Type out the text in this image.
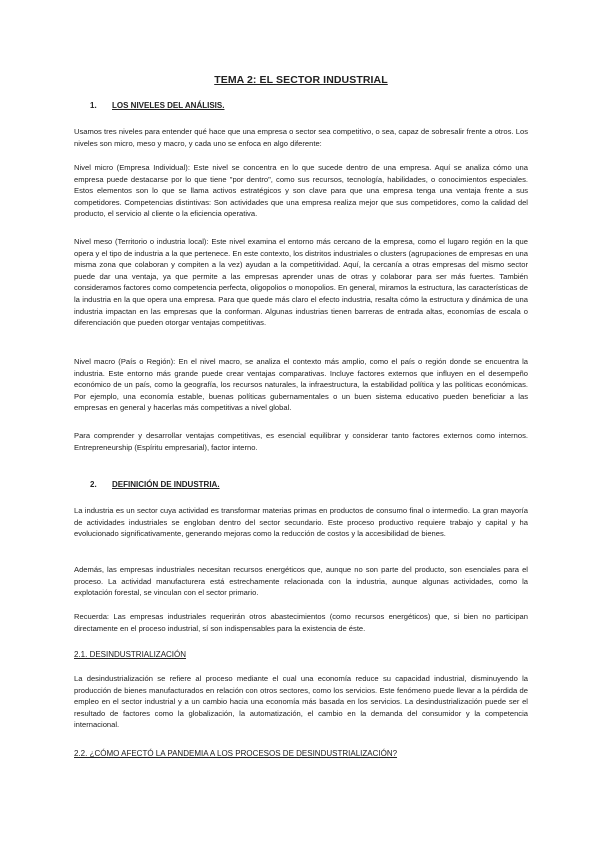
TEMA 2: EL SECTOR INDUSTRIAL
1. LOS NIVELES DEL ANÁLISIS.

Usamos tres niveles para entender qué hace que una empresa o sector sea competitivo, o sea, capaz de sobresalir frente a otros. Los niveles son micro, meso y macro, y cada uno se enfoca en algo diferente:

Nivel micro (Empresa Individual): Este nivel se concentra en lo que sucede dentro de una empresa. Aquí se analiza cómo una empresa puede destacarse por lo que tiene "por dentro", como sus recursos, tecnología, habilidades, o conocimientos especiales. Estos elementos son lo que se llama activos estratégicos y son clave para que una empresa tenga una ventaja frente a sus competidores. Competencias distintivas: Son actividades que una empresa realiza mejor que sus competidores, como la calidad del producto, el servicio al cliente o la eficiencia operativa.

Nivel meso (Territorio o industria local): Este nivel examina el entorno más cercano de la empresa, como el lugaro región en la que opera y el tipo de industria a la que pertenece. En este contexto, los distritos industriales o clusters (agrupaciones de empresas en una misma zona que colaboran y compiten a la vez) ayudan a la competitividad. Aquí, la cercanía a otras empresas del mismo sector puede dar una ventaja, ya que permite a las empresas aprender unas de otras y colaborar para ser más fuertes. También consideramos factores como competencia perfecta, oligopolios o monopolios. En general, miramos la estructura, las características de la industria en la que opera una empresa. Para que quede más claro el efecto industria, resalta cómo la estructura y dinámica de una industria impactan en las empresas que la conforman. Algunas industrias tienen barreras de entrada altas, economías de escala o diferenciación que pueden otorgar ventajas competitivas.

Nivel macro (País o Región): En el nivel macro, se analiza el contexto más amplio, como el país o región donde se encuentra la industria. Este entorno más grande puede crear ventajas comparativas. Incluye factores externos que influyen en el desempeño económico de un país, como la geografía, los recursos naturales, la infraestructura, la estabilidad política y las políticas económicas. Por ejemplo, una economía estable, buenas políticas gubernamentales o un buen sistema educativo pueden beneficiar a las empresas en general y hacerlas más competitivas a nivel global.

Para comprender y desarrollar ventajas competitivas, es esencial equilibrar y considerar tanto factores externos como internos. Entrepreneurship (Espíritu empresarial), factor interno.

2. DEFINICIÓN DE INDUSTRIA.

La industria es un sector cuya actividad es transformar materias primas en productos de consumo final o intermedio. La gran mayoría de actividades industriales se engloban dentro del sector secundario. Este proceso productivo requiere trabajo y capital y ha evolucionado significativamente, generando mejoras como la reducción de costos y la accesibilidad de bienes.

Además, las empresas industriales necesitan recursos energéticos que, aunque no son parte del producto, son esenciales para el proceso. La actividad manufacturera está estrechamente relacionada con la industria, aunque algunas actividades, como la explotación forestal, se vinculan con el sector primario.

Recuerda: Las empresas industriales requerirán otros abastecimientos (como recursos energéticos) que, si bien no participan directamente en el proceso industrial, sí son indispensables para la existencia de éste.

2.1. DESINDUSTRIALIZACIÓN

La desindustrialización se refiere al proceso mediante el cual una economía reduce su capacidad industrial, disminuyendo la producción de bienes manufacturados en relación con otros sectores, como los servicios. Este fenómeno puede llevar a la pérdida de empleo en el sector industrial y a un cambio hacia una economía más basada en los servicios. La desindustrialización puede ser el resultado de factores como la globalización, la automatización, el cambio en la demanda del consumidor y la competencia internacional.

2.2. ¿CÓMO AFECTÓ LA PANDEMIA A LOS PROCESOS DE DESINDUSTRIALIZACIÓN?
